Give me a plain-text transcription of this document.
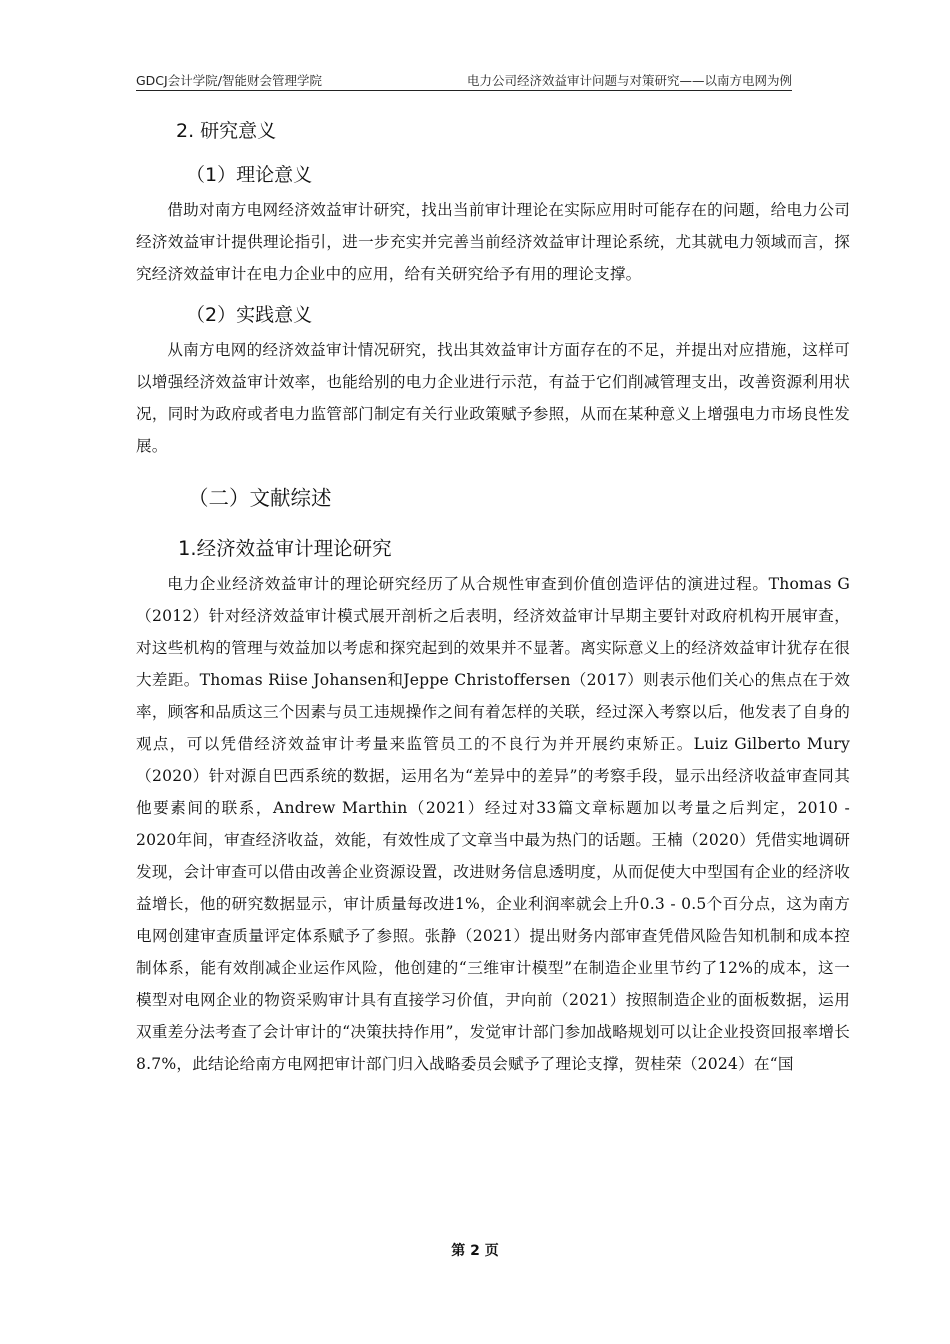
GDCJ会计学院/智能财会管理学院	电力公司经济效益审计问题与对策研究——以南方电网为例
2. 研究意义
（1）理论意义

借助对南方电网经济效益审计研究，找出当前审计理论在实际应用时可能存在的问题，给电力公司经济效益审计提供理论指引，进一步充实并完善当前经济效益审计理论系统，尤其就电力领域而言，探究经济效益审计在电力企业中的应用，给有关研究给予有用的理论支撑。

（2）实践意义

从南方电网的经济效益审计情况研究，找出其效益审计方面存在的不足，并提出对应措施，这样可以增强经济效益审计效率，也能给别的电力企业进行示范，有益于它们削减管理支出，改善资源利用状况，同时为政府或者电力监管部门制定有关行业政策赋予参照，从而在某种意义上增强电力市场良性发展。

（二）文献综述
1.经济效益审计理论研究

电力企业经济效益审计的理论研究经历了从合规性审查到价值创造评估的演进过程。Thomas G（2012）针对经济效益审计模式展开剖析之后表明，经济效益审计早期主要针对政府机构开展审查，对这些机构的管理与效益加以考虑和探究起到的效果并不显著。离实际意义上的经济效益审计犹存在很大差距。Thomas Riise Johansen和Jeppe Christoffersen（2017）则表示他们关心的焦点在于效率，顾客和品质这三个因素与员工违规操作之间有着怎样的关联，经过深入考察以后，他发表了自身的观点，可以凭借经济效益审计考量来监管员工的不良行为并开展约束矫正。Luiz Gilberto Mury（2020）针对源自巴西系统的数据，运用名为“差异中的差异”的考察手段，显示出经济收益审查同其他要素间的联系，Andrew Marthin（2021）经过对33篇文章标题加以考量之后判定，2010 - 2020年间，审查经济收益，效能，有效性成了文章当中最为热门的话题。王楠（2020）凭借实地调研发现，会计审查可以借由改善企业资源设置，改进财务信息透明度，从而促使大中型国有企业的经济收益增长，他的研究数据显示，审计质量每改进1%，企业利润率就会上升0.3 - 0.5个百分点，这为南方电网创建审查质量评定体系赋予了参照。张静（2021）提出财务内部审查凭借风险告知机制和成本控制体系，能有效削减企业运作风险，他创建的“三维审计模型”在制造企业里节约了12%的成本，这一模型对电网企业的物资采购审计具有直接学习价值，尹向前（2021）按照制造企业的面板数据，运用双重差分法考查了会计审计的“决策扶持作用”，发觉审计部门参加战略规划可以让企业投资回报率增长8.7%，此结论给南方电网把审计部门归入战略委员会赋予了理论支撑，贺桂荣（2024）在“国

第 2 页
